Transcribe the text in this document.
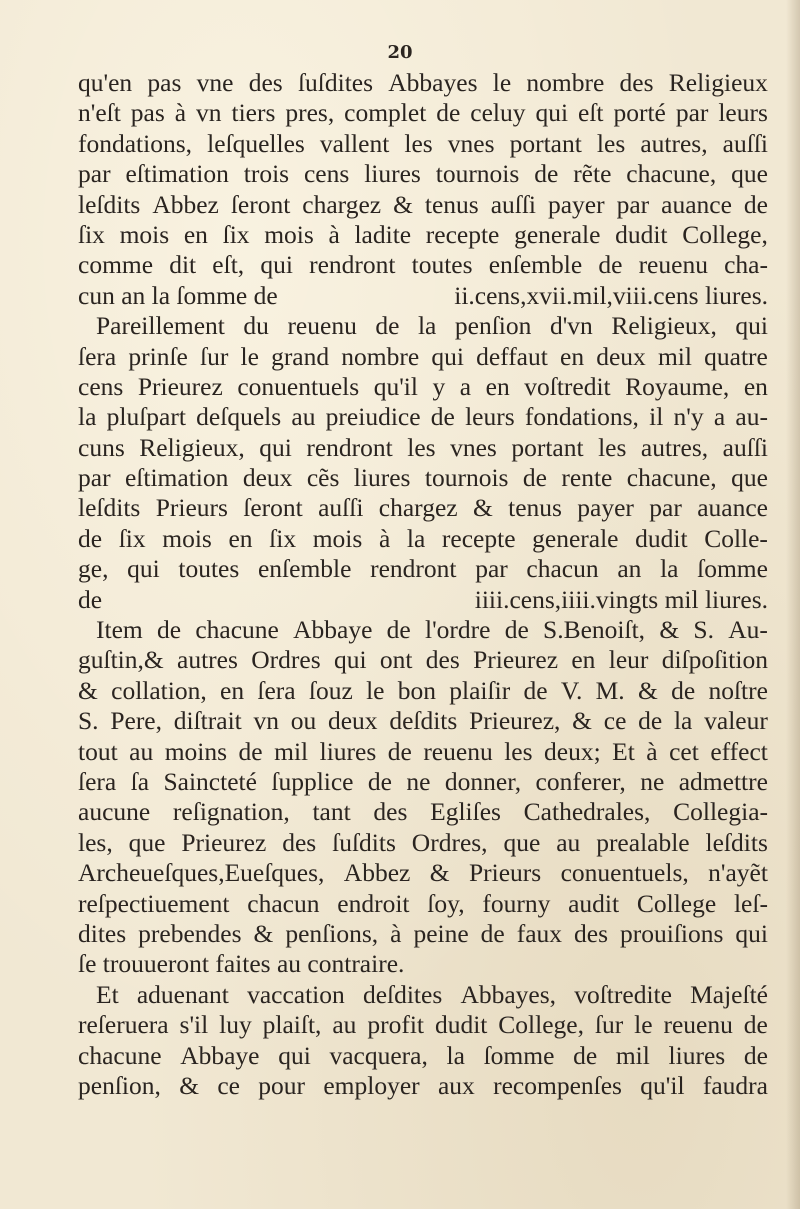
20

qu'en pas vne des ſuſdites Abbayes le nombre des Religieux
n'eſt pas à vn tiers pres, complet de celuy qui eſt porté par leurs
fondations, leſquelles vallent les vnes portant les autres, auſſi
par eſtimation trois cens liures tournois de rẽte chacune, que
leſdits Abbez ſeront chargez & tenus auſſi payer par auance de
ſix mois en ſix mois à ladite recepte generale dudit College,
comme dit eſt, qui rendront toutes enſemble de reuenu cha-
cun an la ſomme de	ii.cens,xvii.mil,viii.cens liures.
Pareillement du reuenu de la penſion d'vn Religieux, qui
ſera prinſe ſur le grand nombre qui deffaut en deux mil quatre
cens Prieurez conuentuels qu'il y a en voſtredit Royaume, en
la pluſpart deſquels au preiudice de leurs fondations, il n'y a au-
cuns Religieux, qui rendront les vnes portant les autres, auſſi
par eſtimation deux cẽs liures tournois de rente chacune, que
leſdits Prieurs ſeront auſſi chargez & tenus payer par auance
de ſix mois en ſix mois à la recepte generale dudit Colle-
ge, qui toutes enſemble rendront par chacun an la ſomme
de	iiii.cens,iiii.vingts mil liures.
Item de chacune Abbaye de l'ordre de S.Benoiſt, & S. Au-
guſtin,& autres Ordres qui ont des Prieurez en leur diſpoſition
& collation, en ſera ſouz le bon plaiſir de V. M. & de noſtre
S. Pere, diſtrait vn ou deux deſdits Prieurez, & ce de la valeur
tout au moins de mil liures de reuenu les deux; Et à cet effect
ſera ſa Saincteté ſupplice de ne donner, conferer, ne admettre
aucune reſignation, tant des Egliſes Cathedrales, Collegia-
les, que Prieurez des ſuſdits Ordres, que au prealable leſdits
Archeueſques,Eueſques, Abbez & Prieurs conuentuels, n'ayẽt
reſpectiuement chacun endroit ſoy, fourny audit College leſ-
dites prebendes & penſions, à peine de faux des prouiſions qui
ſe trouueront faites au contraire.
Et aduenant vaccation deſdites Abbayes, voſtredite Majeſté
reſeruera s'il luy plaiſt, au profit dudit College, ſur le reuenu de
chacune Abbaye qui vacquera, la ſomme de mil liures de
penſion, & ce pour employer aux recompenſes qu'il faudra
